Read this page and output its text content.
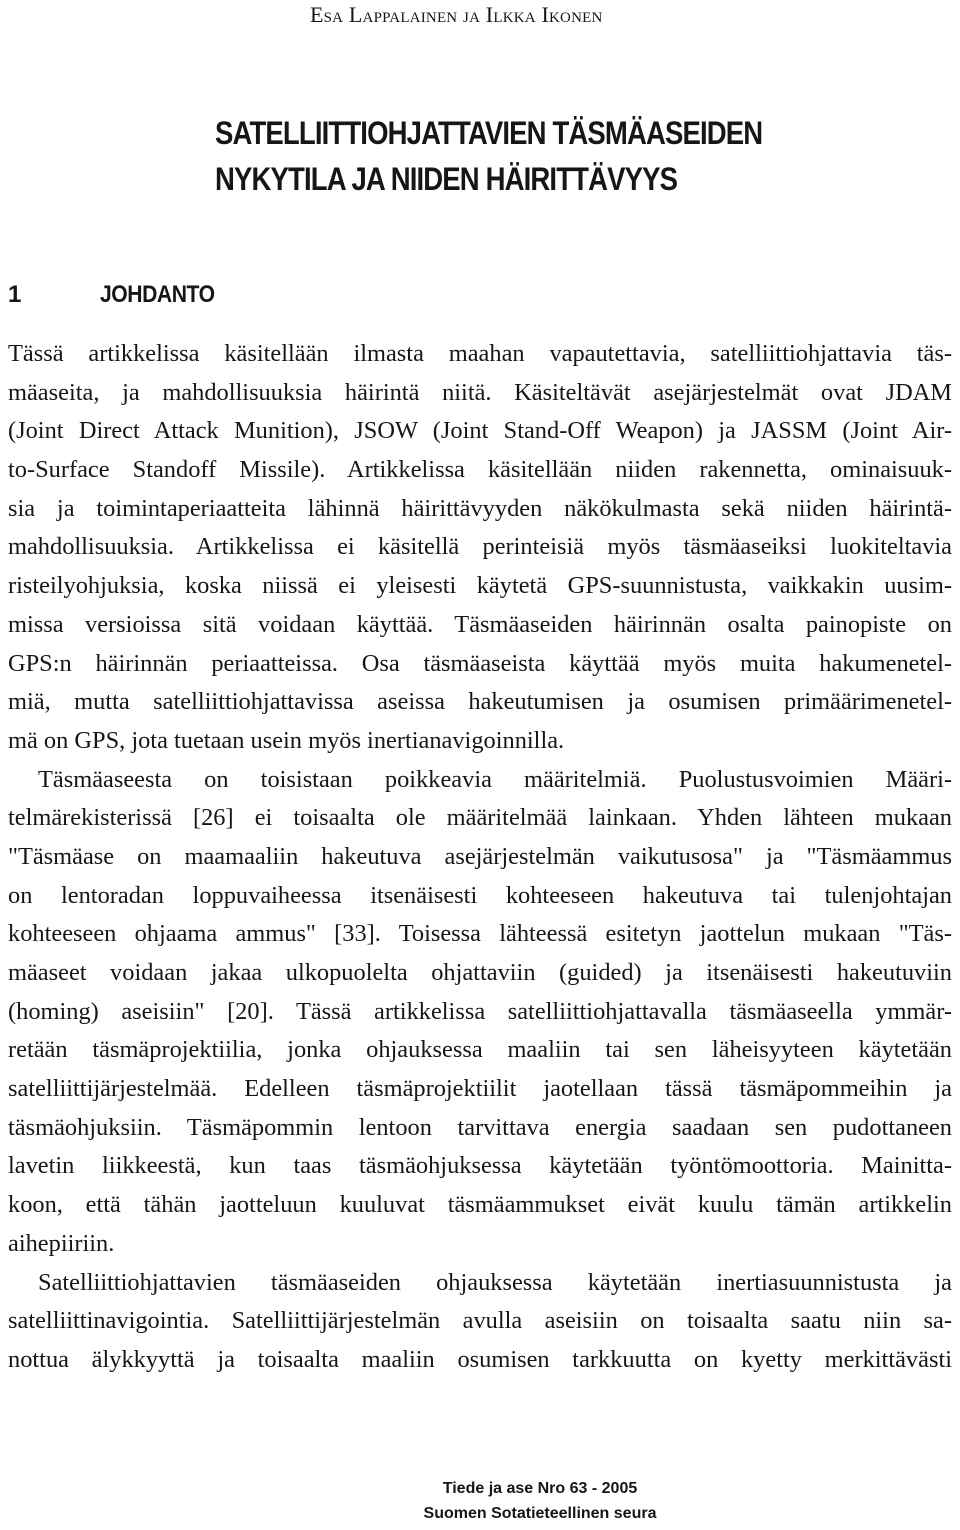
Esa Lappalainen ja Ilkka Ikonen
SATELLIITTIOHJATTAVIEN TÄSMÄASEIDEN
NYKYTILA JA NIIDEN HÄIRITTÄVYYS
1	JOHDANTO
Tässä artikkelissa käsitellään ilmasta maahan vapautettavia, satelliittiohjattavia täs-
mäaseita, ja mahdollisuuksia häirintä niitä. Käsiteltävät asejärjestelmät ovat JDAM
(Joint Direct Attack Munition), JSOW (Joint Stand-Off Weapon) ja JASSM (Joint Air-
to-Surface Standoff Missile). Artikkelissa käsitellään niiden rakennetta, ominaisuuk-
sia ja toimintaperiaatteita lähinnä häirittävyyden näkökulmasta sekä niiden häirintä-
mahdollisuuksia. Artikkelissa ei käsitellä perinteisiä myös täsmäaseiksi luokiteltavia
risteilyohjuksia, koska niissä ei yleisesti käytetä GPS-suunnistusta, vaikkakin uusim-
missa versioissa sitä voidaan käyttää. Täsmäaseiden häirinnän osalta painopiste on
GPS:n häirinnän periaatteissa. Osa täsmäaseista käyttää myös muita hakumenetel-
miä, mutta satelliittiohjattavissa aseissa hakeutumisen ja osumisen primäärimenetel-
mä on GPS, jota tuetaan usein myös inertianavigoinnilla.
Täsmäaseesta on toisistaan poikkeavia määritelmiä. Puolustusvoimien Määri-
telmärekisterissä [26] ei toisaalta ole määritelmää lainkaan. Yhden lähteen mukaan
"Täsmäase on maamaaliin hakeutuva asejärjestelmän vaikutusosa" ja "Täsmäammus
on lentoradan loppuvaiheessa itsenäisesti kohteeseen hakeutuva tai tulenjohtajan
kohteeseen ohjaama ammus" [33]. Toisessa lähteessä esitetyn jaottelun mukaan "Täs-
mäaseet voidaan jakaa ulkopuolelta ohjattaviin (guided) ja itsenäisesti hakeutuviin
(homing) aseisiin" [20]. Tässä artikkelissa satelliittiohjattavalla täsmäaseella ymmär-
retään täsmäprojektiilia, jonka ohjauksessa maaliin tai sen läheisyyteen käytetään
satelliittijärjestelmää. Edelleen täsmäprojektiilit jaotellaan tässä täsmäpommeihin ja
täsmäohjuksiin. Täsmäpommin lentoon tarvittava energia saadaan sen pudottaneen
lavetin liikkeestä, kun taas täsmäohjuksessa käytetään työntömoottoria. Mainitta-
koon, että tähän jaotteluun kuuluvat täsmäammukset eivät kuulu tämän artikkelin
aihepiiriin.
Satelliittiohjattavien täsmäaseiden ohjauksessa käytetään inertiasuunnistusta ja
satelliittinavigointia. Satelliittijärjestelmän avulla aseisiin on toisaalta saatu niin sa-
nottua älykkyyttä ja toisaalta maaliin osumisen tarkkuutta on kyetty merkittävästi
Tiede ja ase Nro 63 - 2005
Suomen Sotatieteellinen seura
